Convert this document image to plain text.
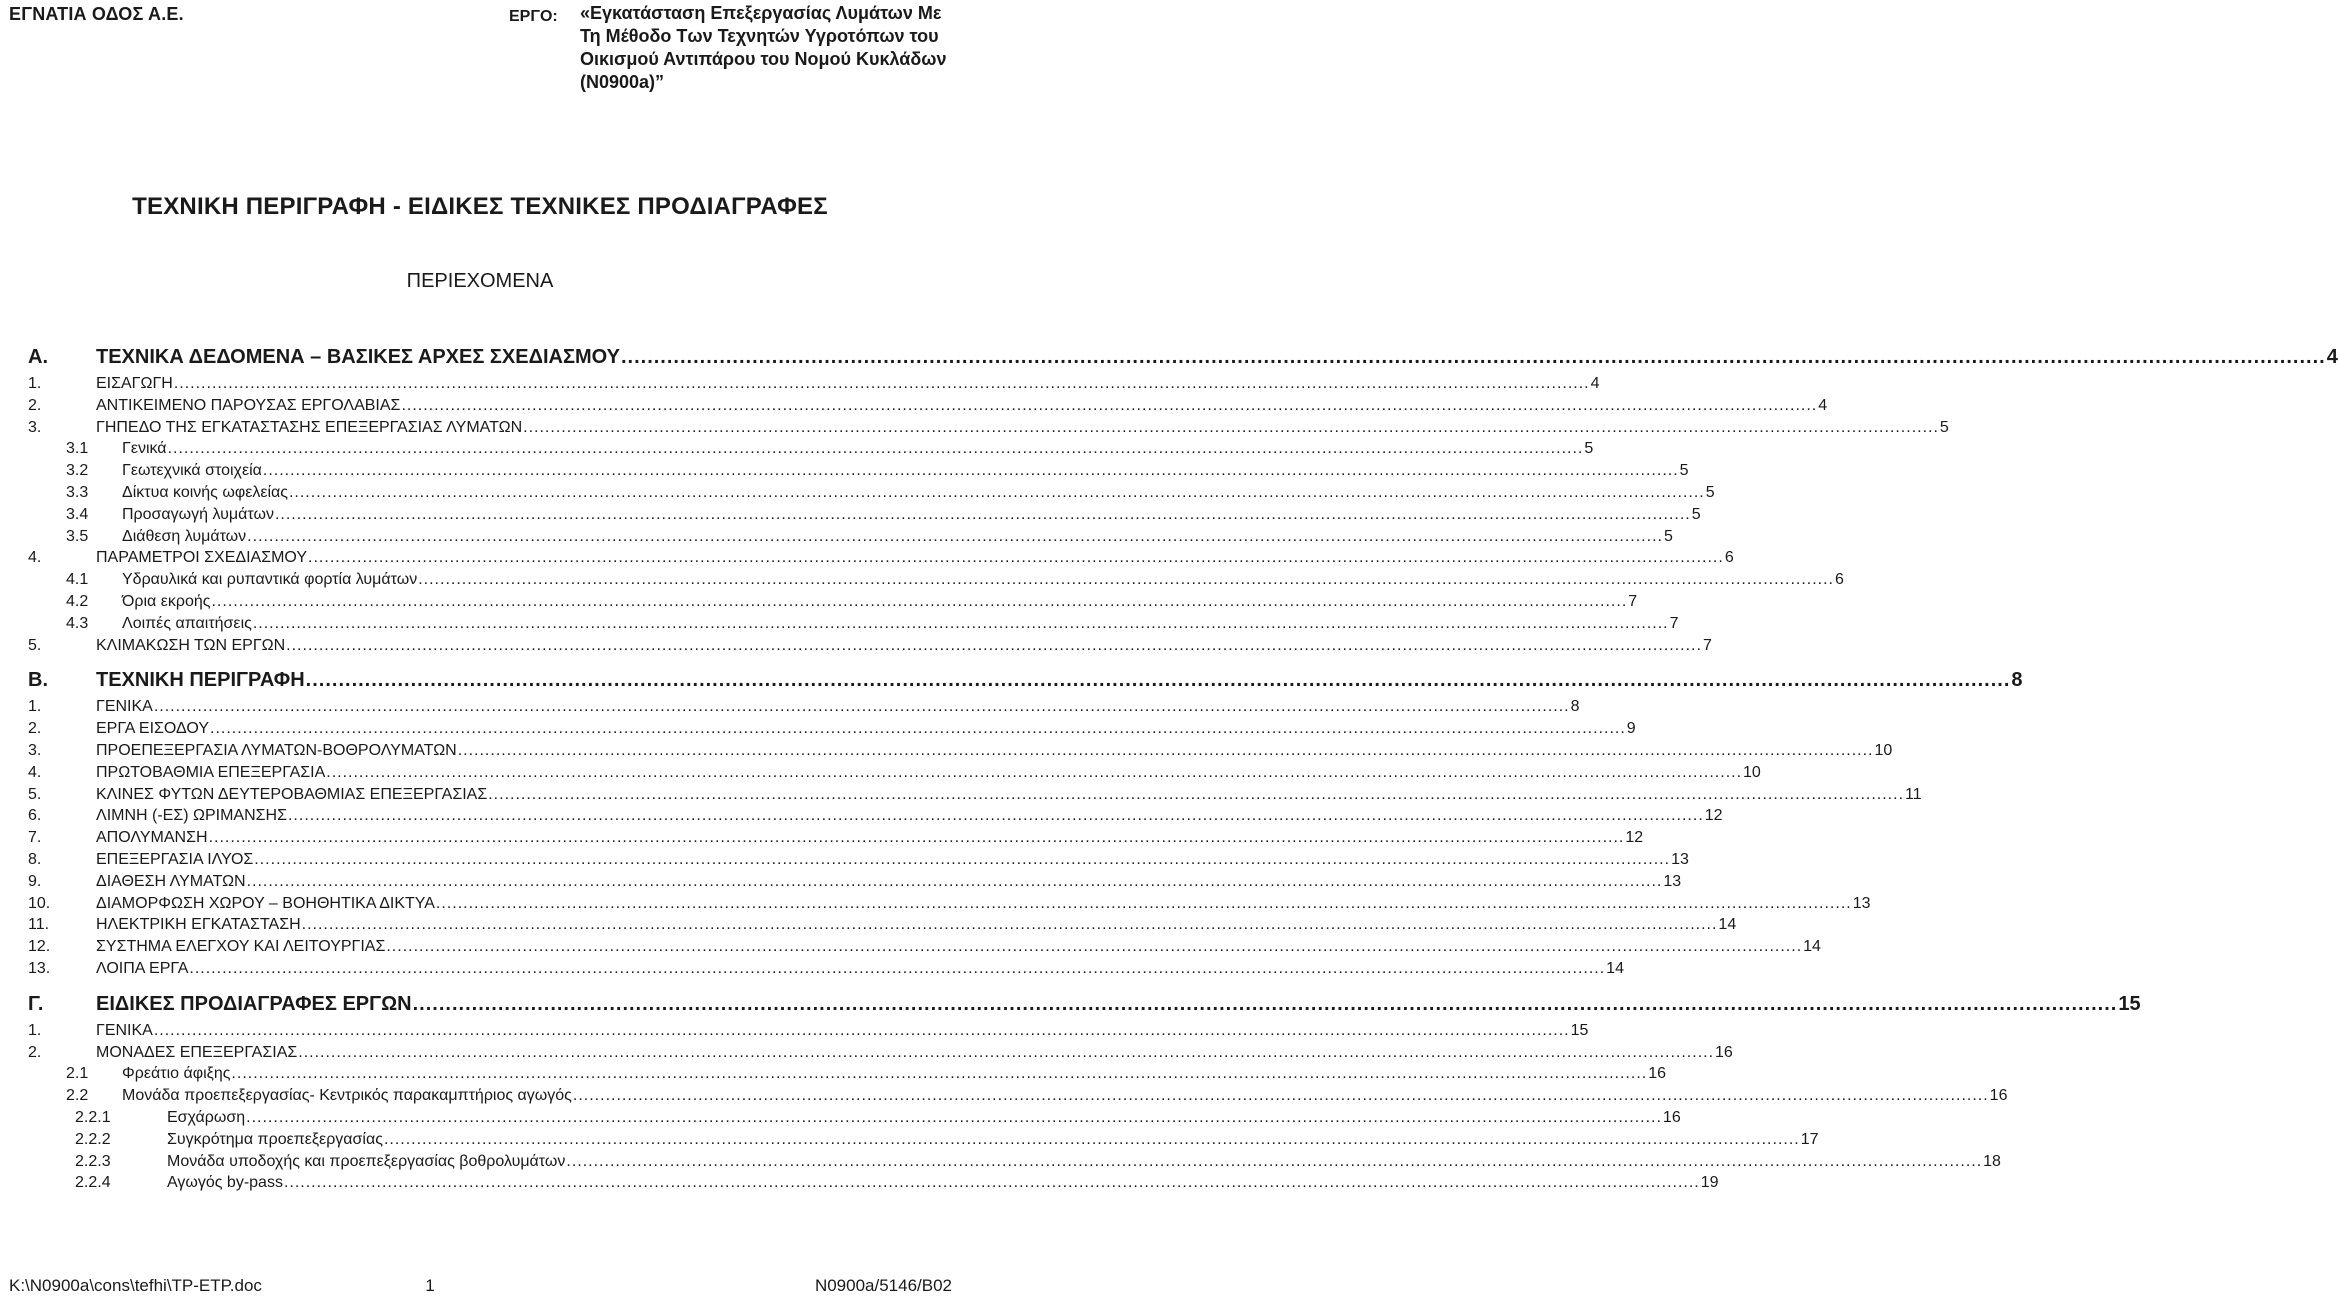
ΕΓΝΑΤΙΑ ΟΔΟΣ Α.Ε.	ΕΡΓΟ: «Εγκατάσταση Επεξεργασίας Λυμάτων Με Τη Μέθοδο Των Τεχνητών Υγροτόπων του Οικισμού Αντιπάρου του Νομού Κυκλάδων (Ν0900a)”
ΤΕΧΝΙΚΗ ΠΕΡΙΓΡΑΦΗ - ΕΙΔΙΚΕΣ ΤΕΧΝΙΚΕΣ ΠΡΟΔΙΑΓΡΑΦΕΣ
ΠΕΡΙΕΧΟΜΕΝΑ
Α. ΤΕΧΝΙΚΑ ΔΕΔΟΜΕΝΑ – ΒΑΣΙΚΕΣ ΑΡΧΕΣ ΣΧΕΔΙΑΣΜΟΥ .................................................................................................................................................................................................................................................................... 4
1.	ΕΙΣΑΓΩΓΗ .................................................................................................................................................................................................................................................................... 4
2.	ΑΝΤΙΚΕΙΜΕΝΟ ΠΑΡΟΥΣΑΣ ΕΡΓΟΛΑΒΙΑΣ .................................................................................................................................................................................................................................................................... 4
3.	ΓΗΠΕΔΟ ΤΗΣ ΕΓΚΑΤΑΣΤΑΣΗΣ ΕΠΕΞΕΡΓΑΣΙΑΣ ΛΥΜΑΤΩΝ .................................................................................................................................................................................................................................................................... 5
3.1 Γενικά .................................................................................................................................................................................................................................................................... 5
3.2 Γεωτεχνικά στοιχεία .................................................................................................................................................................................................................................................................... 5
3.3 Δίκτυα κοινής ωφελείας .................................................................................................................................................................................................................................................................... 5
3.4 Προσαγωγή λυμάτων .................................................................................................................................................................................................................................................................... 5
3.5 Διάθεση λυμάτων .................................................................................................................................................................................................................................................................... 5
4.	ΠΑΡΑΜΕΤΡΟΙ ΣΧΕΔΙΑΣΜΟΥ .................................................................................................................................................................................................................................................................... 6
4.1 Υδραυλικά και ρυπαντικά φορτία λυμάτων .................................................................................................................................................................................................................................................................... 6
4.2 Όρια εκροής .................................................................................................................................................................................................................................................................... 7
4.3 Λοιπές απαιτήσεις .................................................................................................................................................................................................................................................................... 7
5.	ΚΛΙΜΑΚΩΣΗ ΤΩΝ ΕΡΓΩΝ .................................................................................................................................................................................................................................................................... 7
Β. ΤΕΧΝΙΚΗ ΠΕΡΙΓΡΑΦΗ .................................................................................................................................................................................................................................................................... 8
1.	ΓΕΝΙΚΑ .................................................................................................................................................................................................................................................................... 8
2.	ΕΡΓΑ ΕΙΣΟΔΟΥ .................................................................................................................................................................................................................................................................... 9
3.	ΠΡΟΕΠΕΞΕΡΓΑΣΙΑ ΛΥΜΑΤΩΝ-ΒΟΘΡΟΛΥΜΑΤΩΝ .................................................................................................................................................................................................................................................................... 10
4.	ΠΡΩΤΟΒΑΘΜΙΑ ΕΠΕΞΕΡΓΑΣΙΑ .................................................................................................................................................................................................................................................................... 10
5.	ΚΛΙΝΕΣ ΦΥΤΩΝ ΔΕΥΤΕΡΟΒΑΘΜΙΑΣ ΕΠΕΞΕΡΓΑΣΙΑΣ .................................................................................................................................................................................................................................................................... 11
6.	ΛΙΜΝΗ (-ΕΣ) ΩΡΙΜΑΝΣΗΣ .................................................................................................................................................................................................................................................................... 12
7.	ΑΠΟΛΥΜΑΝΣΗ .................................................................................................................................................................................................................................................................... 12
8.	ΕΠΕΞΕΡΓΑΣΙΑ ΙΛΥΟΣ .................................................................................................................................................................................................................................................................... 13
9.	ΔΙΑΘΕΣΗ ΛΥΜΑΤΩΝ .................................................................................................................................................................................................................................................................... 13
10.	ΔΙΑΜΟΡΦΩΣΗ ΧΩΡΟΥ – ΒΟΗΘΗΤΙΚΑ ΔΙΚΤΥΑ .................................................................................................................................................................................................................................................................... 13
11.	ΗΛΕΚΤΡΙΚΗ ΕΓΚΑΤΑΣΤΑΣΗ .................................................................................................................................................................................................................................................................... 14
12.	ΣΥΣΤΗΜΑ ΕΛΕΓΧΟΥ ΚΑΙ ΛΕΙΤΟΥΡΓΙΑΣ .................................................................................................................................................................................................................................................................... 14
13.	ΛΟΙΠΑ ΕΡΓΑ .................................................................................................................................................................................................................................................................... 14
Γ.	ΕΙΔΙΚΕΣ ΠΡΟΔΙΑΓΡΑΦΕΣ ΕΡΓΩΝ .................................................................................................................................................................................................................................................................... 15
1.	ΓΕΝΙΚΑ .................................................................................................................................................................................................................................................................... 15
2.	ΜΟΝΑΔΕΣ ΕΠΕΞΕΡΓΑΣΙΑΣ .................................................................................................................................................................................................................................................................... 16
2.1 Φρεάτιο άφιξης .................................................................................................................................................................................................................................................................... 16
2.2 Μονάδα προεπεξεργασίας- Κεντρικός παρακαμπτήριος αγωγός .................................................................................................................................................................................................................................................................... 16
2.2.1	Εσχάρωση .................................................................................................................................................................................................................................................................... 16
2.2.2	Συγκρότημα προεπεξεργασίας .................................................................................................................................................................................................................................................................... 17
2.2.3	Μονάδα υποδοχής και προεπεξεργασίας βοθρολυμάτων .................................................................................................................................................................................................................................................................... 18
2.2.4	Αγωγός by-pass .................................................................................................................................................................................................................................................................... 19
K:\N0900a\cons\tefhi\TP-ETP.doc	1	N0900a/5146/B02
